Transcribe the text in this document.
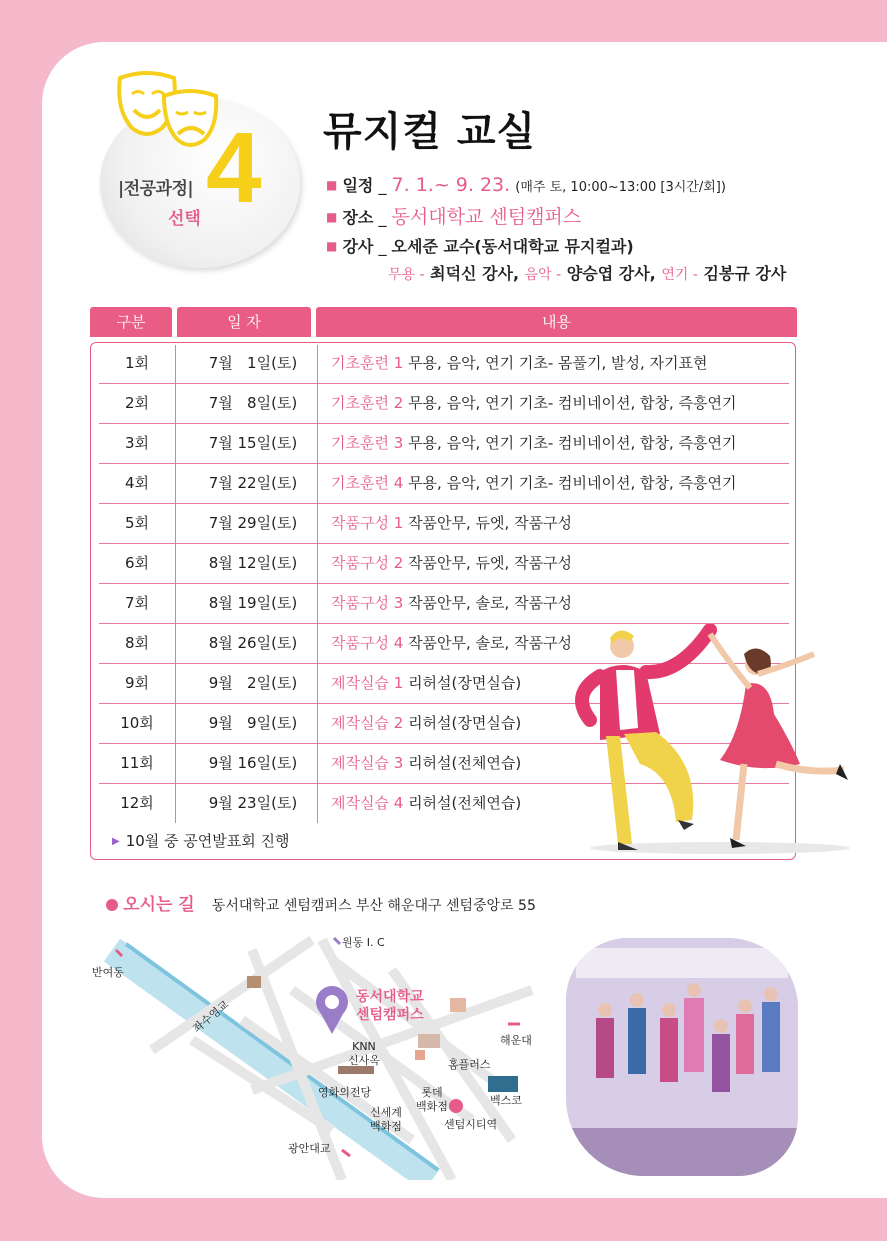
|전공과정|
선택 4 뮤지컬 교실
■ 일정 _ 7. 1.~ 9. 23. (매주 토, 10:00~13:00 [3시간/회])
■ 장소 _ 동서대학교 센텀캠퍼스
■ 강사 _ 오세준 교수(동서대학교 뮤지컬과)
무용 - 최덕신 강사, 음악 - 양승엽 강사, 연기 - 김봉규 강사
구분	일 자	내용
1회	7월   1일(토)	기초훈련 1 무용, 음악, 연기 기초- 몸풀기, 발성, 자기표현
2회	7월   8일(토)	기초훈련 2 무용, 음악, 연기 기초- 컴비네이션, 합창, 즉흥연기
3회	7월 15일(토)	기초훈련 3 무용, 음악, 연기 기초- 컴비네이션, 합창, 즉흥연기
4회	7월 22일(토)	기초훈련 4 무용, 음악, 연기 기초- 컴비네이션, 합창, 즉흥연기
5회	7월 29일(토)	작품구성 1 작품안무, 듀엣, 작품구성
6회	8월 12일(토)	작품구성 2 작품안무, 듀엣, 작품구성
7회	8월 19일(토)	작품구성 3 작품안무, 솔로, 작품구성
8회	8월 26일(토)	작품구성 4 작품안무, 솔로, 작품구성
9회	9월   2일(토)	제작실습 1 리허설(장면실습)
10회	9월   9일(토)	제작실습 2 리허설(장면실습)
11회	9월 16일(토)	제작실습 3 리허설(전체연습)
12회	9월 23일(토)	제작실습 4 리허설(전체연습)
▶ 10월 중 공연발표회 진행
오시는 길 동서대학교 센텀캠퍼스 부산 해운대구 센텀중앙로 55
원동 I. C
반여동
좌수영교
동서대학교
센텀캠퍼스
KNN
신사옥	홈플러스
해운대
영화의전당	롯데
백화점	벡스코
신세계
백화점	센텀시티역
광안대교
